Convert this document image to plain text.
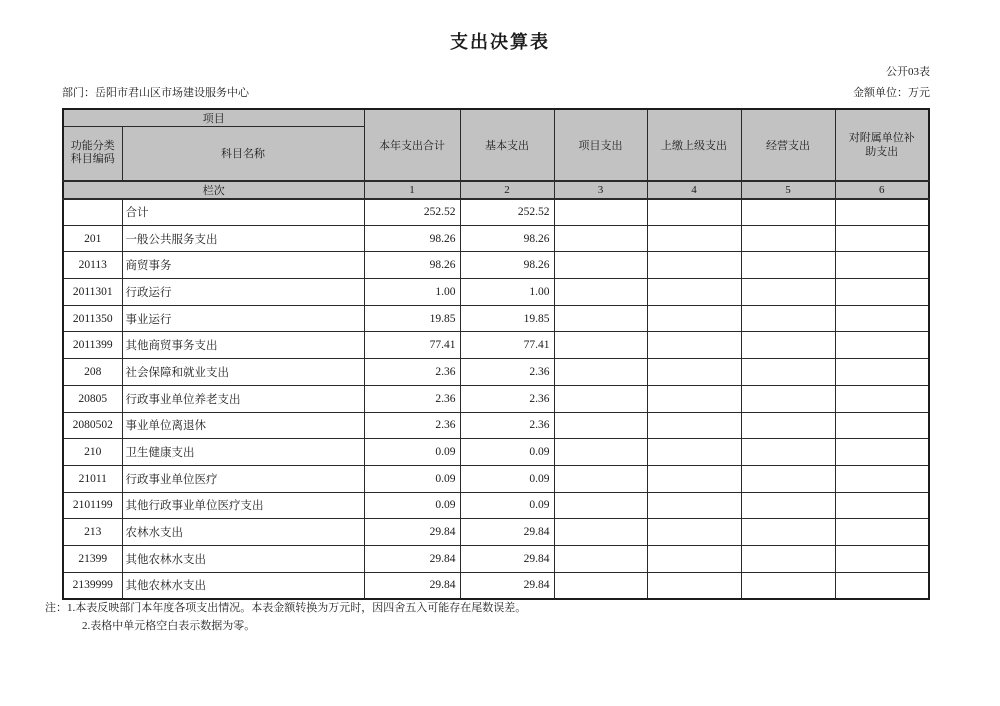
支出决算表
公开03表
部门：岳阳市君山区市场建设服务中心	金额单位：万元
项目		本年支出合计	基本支出	项目支出	上缴上级支出	经营支出	对附属单位补助支出
功能分类科目编码	科目名称						
栏次		1	2	3	4	5	6
	合计	252.52	252.52				
201	一般公共服务支出	98.26	98.26				
20113	商贸事务	98.26	98.26				
2011301	行政运行	1.00	1.00				
2011350	事业运行	19.85	19.85				
2011399	其他商贸事务支出	77.41	77.41				
208	社会保障和就业支出	2.36	2.36				
20805	行政事业单位养老支出	2.36	2.36				
2080502	事业单位离退休	2.36	2.36				
210	卫生健康支出	0.09	0.09				
21011	行政事业单位医疗	0.09	0.09				
2101199	其他行政事业单位医疗支出	0.09	0.09				
213	农林水支出	29.84	29.84				
21399	其他农林水支出	29.84	29.84				
2139999	其他农林水支出	29.84	29.84				
注：1.本表反映部门本年度各项支出情况。本表金额转换为万元时，因四舍五入可能存在尾数误差。
2.表格中单元格空白表示数据为零。
